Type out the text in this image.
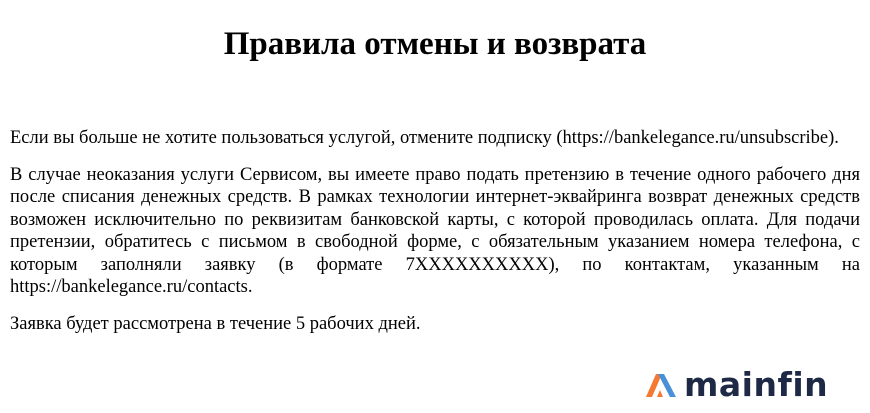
Правила отмены и возврата

Если вы больше не хотите пользоваться услугой, отмените подписку (https://bankelegance.ru/unsubscribe).

В случае неоказания услуги Сервисом, вы имеете право подать претензию в течение одного рабочего дня после списания денежных средств. В рамках технологии интернет-эквайринга возврат денежных средств возможен исключительно по реквизитам банковской карты, с которой проводилась оплата. Для подачи претензии, обратитесь с письмом в свободной форме, с обязательным указанием номера телефона, с которым заполняли заявку (в формате 7XXXXXXXXXX), по контактам, указанным на https://bankelegance.ru/contacts.

Заявка будет рассмотрена в течение 5 рабочих дней.

mainfin
